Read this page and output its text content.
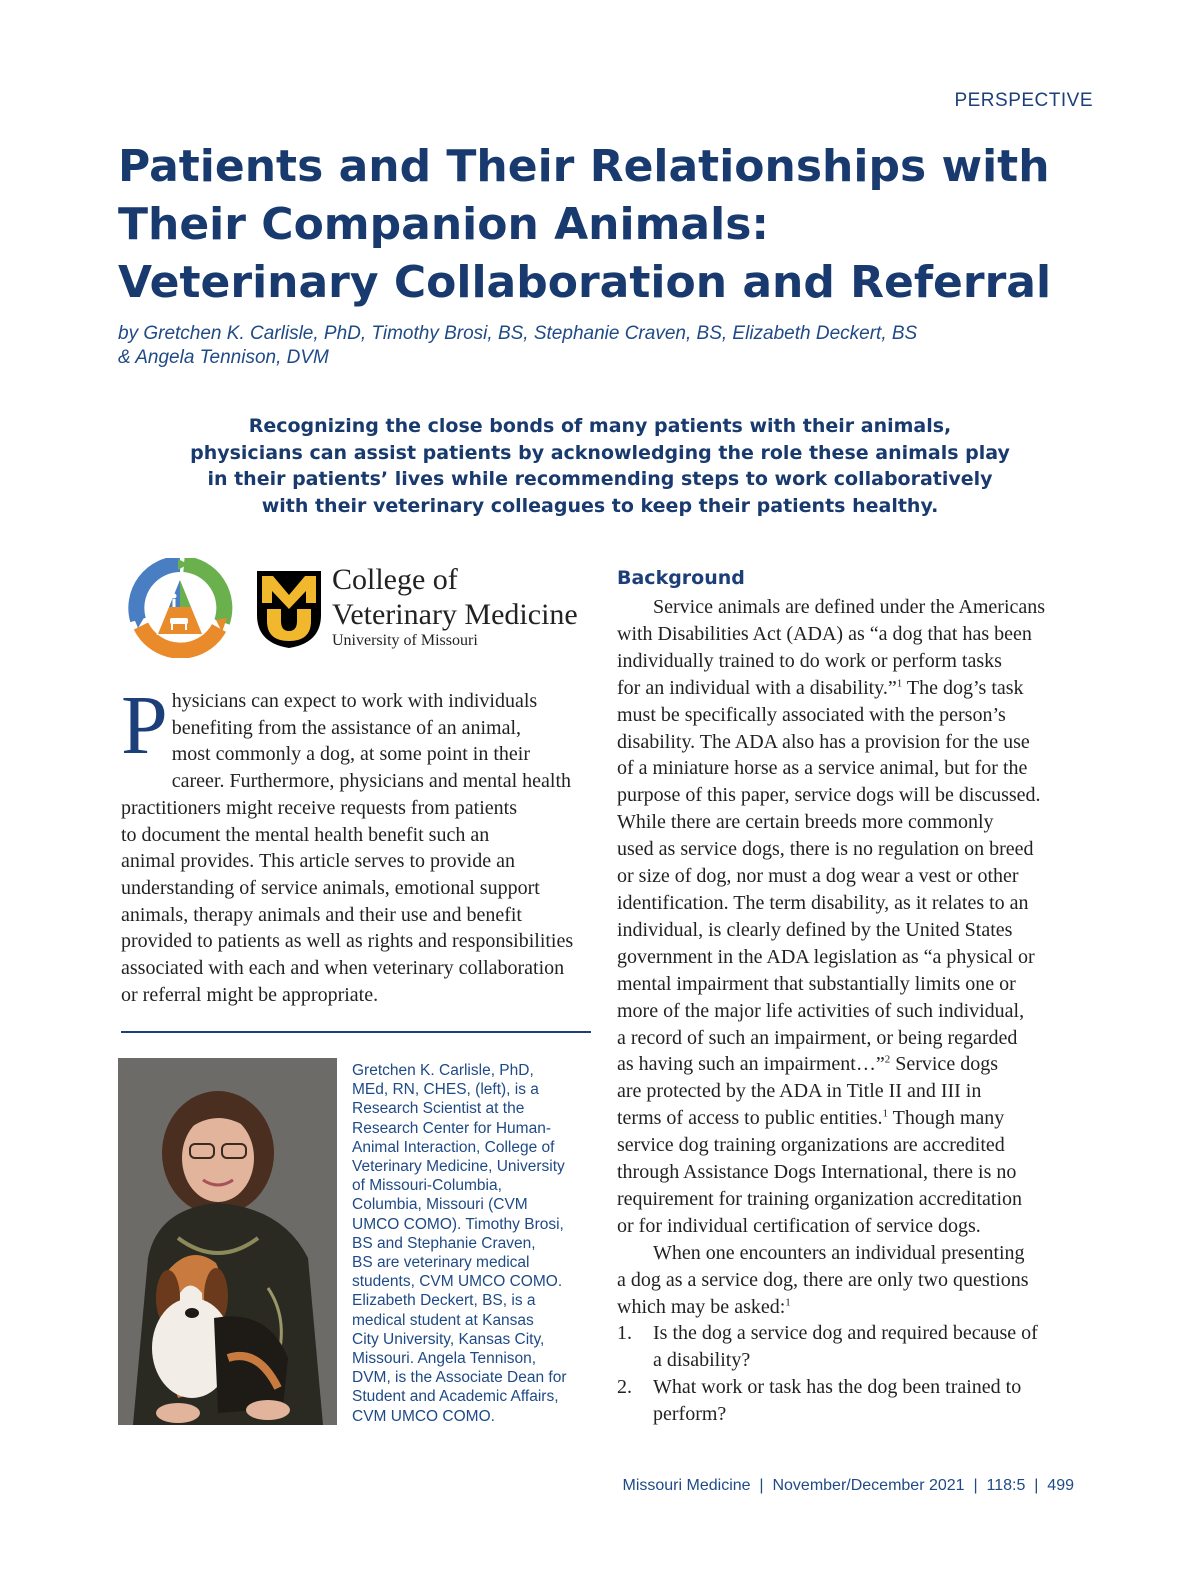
PERSPECTIVE
Patients and Their Relationships with
Their Companion Animals:
Veterinary Collaboration and Referral
by Gretchen K. Carlisle, PhD, Timothy Brosi, BS, Stephanie Craven, BS, Elizabeth Deckert, BS
& Angela Tennison, DVM
Recognizing the close bonds of many patients with their animals,
physicians can assist patients by acknowledging the role these animals play
in their patients’ lives while recommending steps to work collaboratively
with their veterinary colleagues to keep their patients healthy.
College of
Veterinary Medicine
University of Missouri
P hysicians can expect to work with individuals
benefiting from the assistance of an animal,
most commonly a dog, at some point in their
career. Furthermore, physicians and mental health
practitioners might receive requests from patients
to document the mental health benefit such an
animal provides. This article serves to provide an
understanding of service animals, emotional support
animals, therapy animals and their use and benefit
provided to patients as well as rights and responsibilities
associated with each and when veterinary collaboration
or referral might be appropriate.
Gretchen K. Carlisle, PhD,
MEd, RN, CHES, (left), is a
Research Scientist at the
Research Center for Human-
Animal Interaction, College of
Veterinary Medicine, University
of Missouri-Columbia,
Columbia, Missouri (CVM
UMCO COMO). Timothy Brosi,
BS and Stephanie Craven,
BS are veterinary medical
students, CVM UMCO COMO.
Elizabeth Deckert, BS, is a
medical student at Kansas
City University, Kansas City,
Missouri. Angela Tennison,
DVM, is the Associate Dean for
Student and Academic Affairs,
CVM UMCO COMO.
Background
Service animals are defined under the Americans
with Disabilities Act (ADA) as “a dog that has been
individually trained to do work or perform tasks
for an individual with a disability.”$^1$ The dog’s task
must be specifically associated with the person’s
disability. The ADA also has a provision for the use
of a miniature horse as a service animal, but for the
purpose of this paper, service dogs will be discussed.
While there are certain breeds more commonly
used as service dogs, there is no regulation on breed
or size of dog, nor must a dog wear a vest or other
identification. The term disability, as it relates to an
individual, is clearly defined by the United States
government in the ADA legislation as “a physical or
mental impairment that substantially limits one or
more of the major life activities of such individual,
a record of such an impairment, or being regarded
as having such an impairment…”$^2$ Service dogs
are protected by the ADA in Title II and III in
terms of access to public entities.$^1$ Though many
service dog training organizations are accredited
through Assistance Dogs International, there is no
requirement for training organization accreditation
or for individual certification of service dogs.
When one encounters an individual presenting
a dog as a service dog, there are only two questions
which may be asked:$^1$
1. Is the dog a service dog and required because of
a disability?
2. What work or task has the dog been trained to
perform?
Missouri Medicine  |  November/December 2021  |  118:5  |  499
